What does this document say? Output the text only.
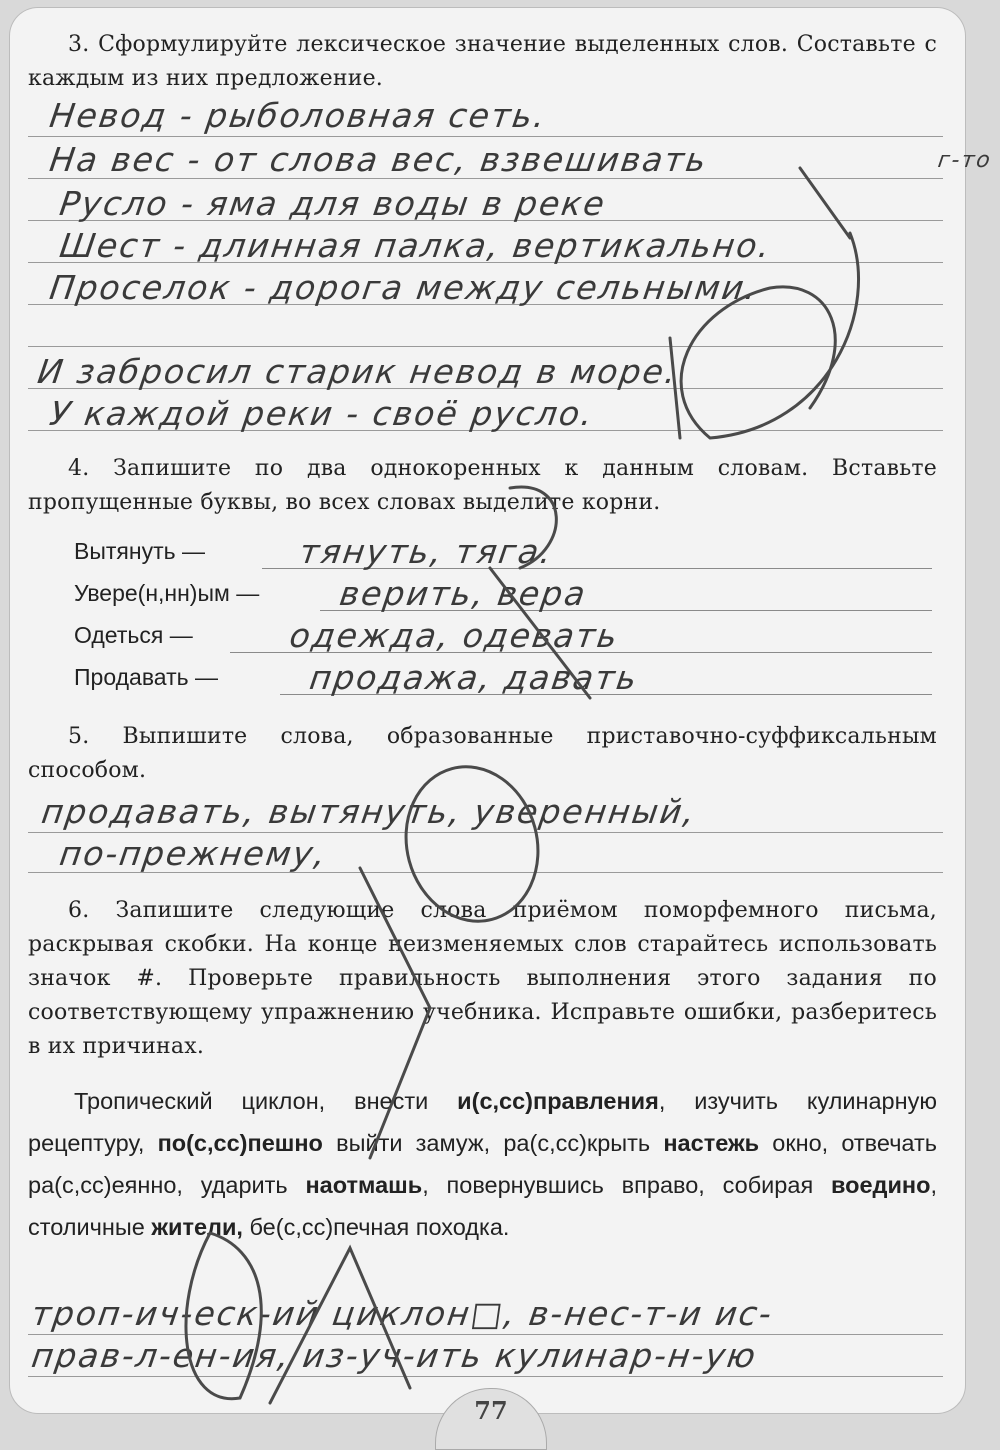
3. Сформулируйте лексическое значение выделенных слов. Составьте с каждым из них предложение.
Невод - рыболовная сеть.
На вес - от слова вес, взвешивать	г-то
Русло - яма для воды в реке
Шест - длинная палка, вертикально.
Проселок - дорога между сельными.
И забросил старик невод в море.
У каждой реки - своё русло.
4. Запишите по два однокоренных к данным словам. Вставьте пропущенные буквы, во всех словах выделите корни.
Вытянуть —	тянуть, тяга.
Увере(н,нн)ым — верить, вера
Одеться —	одежда, одевать
Продавать —	продажа, давать
5. Выпишите слова, образованные приставочно-суффиксальным способом.
продавать, вытянуть, уверенный,
по-прежнему,
6. Запишите следующие слова приёмом поморфемного письма, раскрывая скобки. На конце неизменяемых слов старайтесь использовать значок #. Проверьте правильность выполнения этого задания по соответствующему упражнению учебника. Исправьте ошибки, разберитесь в их причинах.
Тропический циклон, внести и(с,сс)правления, изучить кулинарную рецептуру, по(с,сс)пешно выйти замуж, ра(с,сс)крыть настежь окно, отвечать ра(с,сс)еянно, ударить наотмашь, повернувшись вправо, собирая воедино, столичные жители, бе(с,сс)печная походка.
троп-ич-еск-ий циклон□, в-нес-т-и ис-
прав-л-ен-ия, из-уч-ить кулинар-н-ую
77
